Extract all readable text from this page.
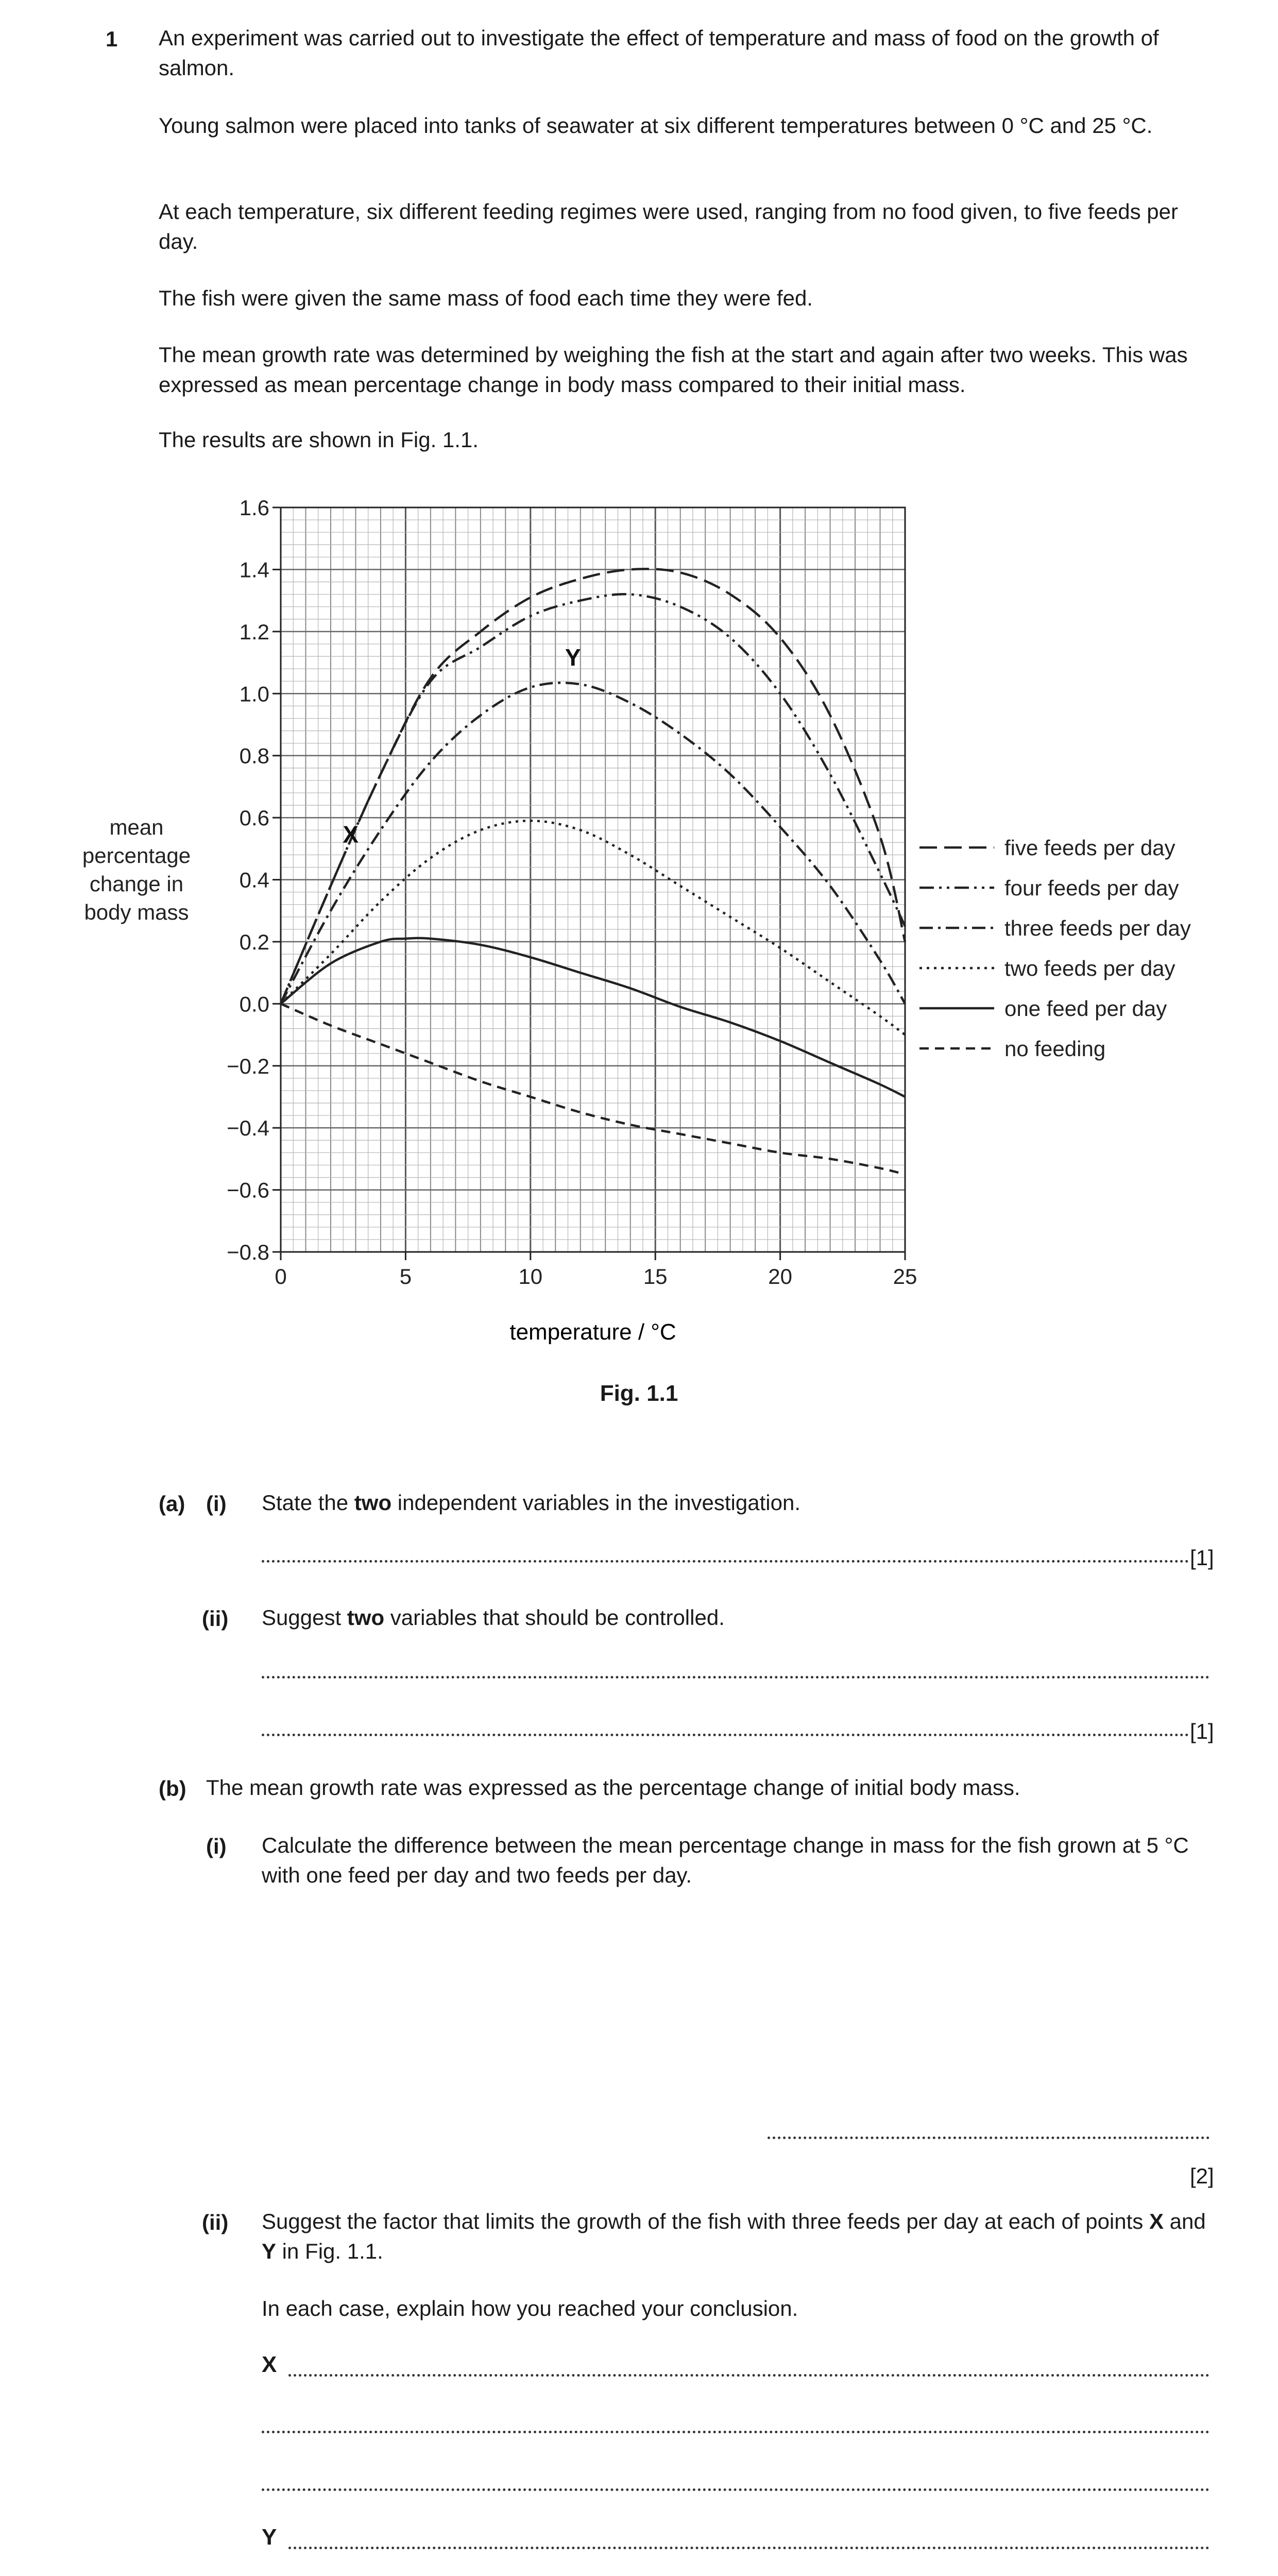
1 An experiment was carried out to investigate the effect of temperature and mass of food on the growth of salmon.
Young salmon were placed into tanks of seawater at six different temperatures between 0 °C and 25 °C.
At each temperature, six different feeding regimes were used, ranging from no food given, to five feeds per day.
The fish were given the same mass of food each time they were fed.
The mean growth rate was determined by weighing the fish at the start and again after two weeks. This was expressed as mean percentage change in body mass compared to their initial mass.
The results are shown in Fig. 1.1.
1.6
1.4
1.2
1.0
0.8
0.6
0.4
0.2
0.0
−0.2
−0.4
−0.6
−0.8
0	5	10	15	20	25
X
Y
five feeds per day
four feeds per day
three feeds per day
two feeds per day
one feed per day
no feeding
mean
percentage
change in
body mass
temperature / °C
Fig. 1.1
(a) (i) State the two independent variables in the investigation.
[1]
(ii) Suggest two variables that should be controlled.
[1]
(b) The mean growth rate was expressed as the percentage change of initial body mass.
(i) Calculate the difference between the mean percentage change in mass for the fish grown at 5 °C with one feed per day and two feeds per day.
[2]
(ii) Suggest the factor that limits the growth of the fish with three feeds per day at each of points X and Y in Fig. 1.1.
In each case, explain how you reached your conclusion.
X
Y
